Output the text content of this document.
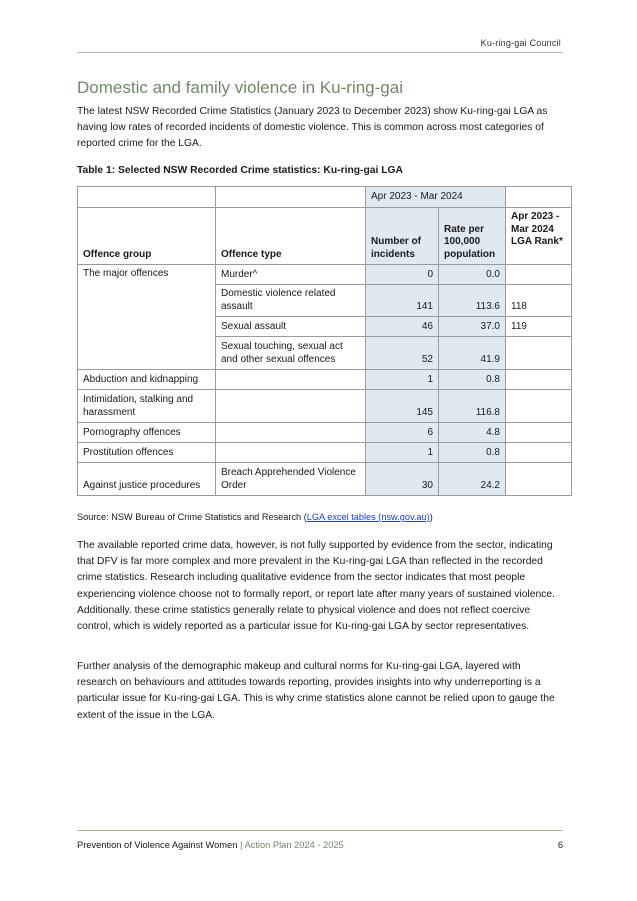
Ku-ring-gai Council
Domestic and family violence in Ku-ring-gai

The latest NSW Recorded Crime Statistics (January 2023 to December 2023) show Ku-ring-gai LGA as having low rates of recorded incidents of domestic violence. This is common across most categories of reported crime for the LGA.

Table 1: Selected NSW Recorded Crime statistics: Ku-ring-gai LGA

		Apr 2023 - Mar 2024		
Offence group	Offence type	Number of incidents	Rate per 100,000 population	Apr 2023 - Mar 2024 LGA Rank*
The major offences	Murder^	0	0.0	
	Domestic violence related assault	141	113.6	118
	Sexual assault	46	37.0	119
	Sexual touching, sexual act and other sexual offences	52	41.9	
Abduction and kidnapping		1	0.8	
Intimidation, stalking and harassment		145	116.8	
Pornography offences		6	4.8	
Prostitution offences		1	0.8	
Against justice procedures	Breach Apprehended Violence Order	30	24.2	

Source: NSW Bureau of Crime Statistics and Research (LGA excel tables (nsw.gov.au))

The available reported crime data, however, is not fully supported by evidence from the sector, indicating that DFV is far more complex and more prevalent in the Ku-ring-gai LGA than reflected in the recorded crime statistics. Research including qualitative evidence from the sector indicates that most people experiencing violence choose not to formally report, or report late after many years of sustained violence. Additionally. these crime statistics generally relate to physical violence and does not reflect coercive control, which is widely reported as a particular issue for Ku-ring-gai LGA by sector representatives.

Further analysis of the demographic makeup and cultural norms for Ku-ring-gai LGA, layered with research on behaviours and attitudes towards reporting, provides insights into why underreporting is a particular issue for Ku-ring-gai LGA. This is why crime statistics alone cannot be relied upon to gauge the extent of the issue in the LGA.

Prevention of Violence Against Women | Action Plan 2024 - 2025	6
